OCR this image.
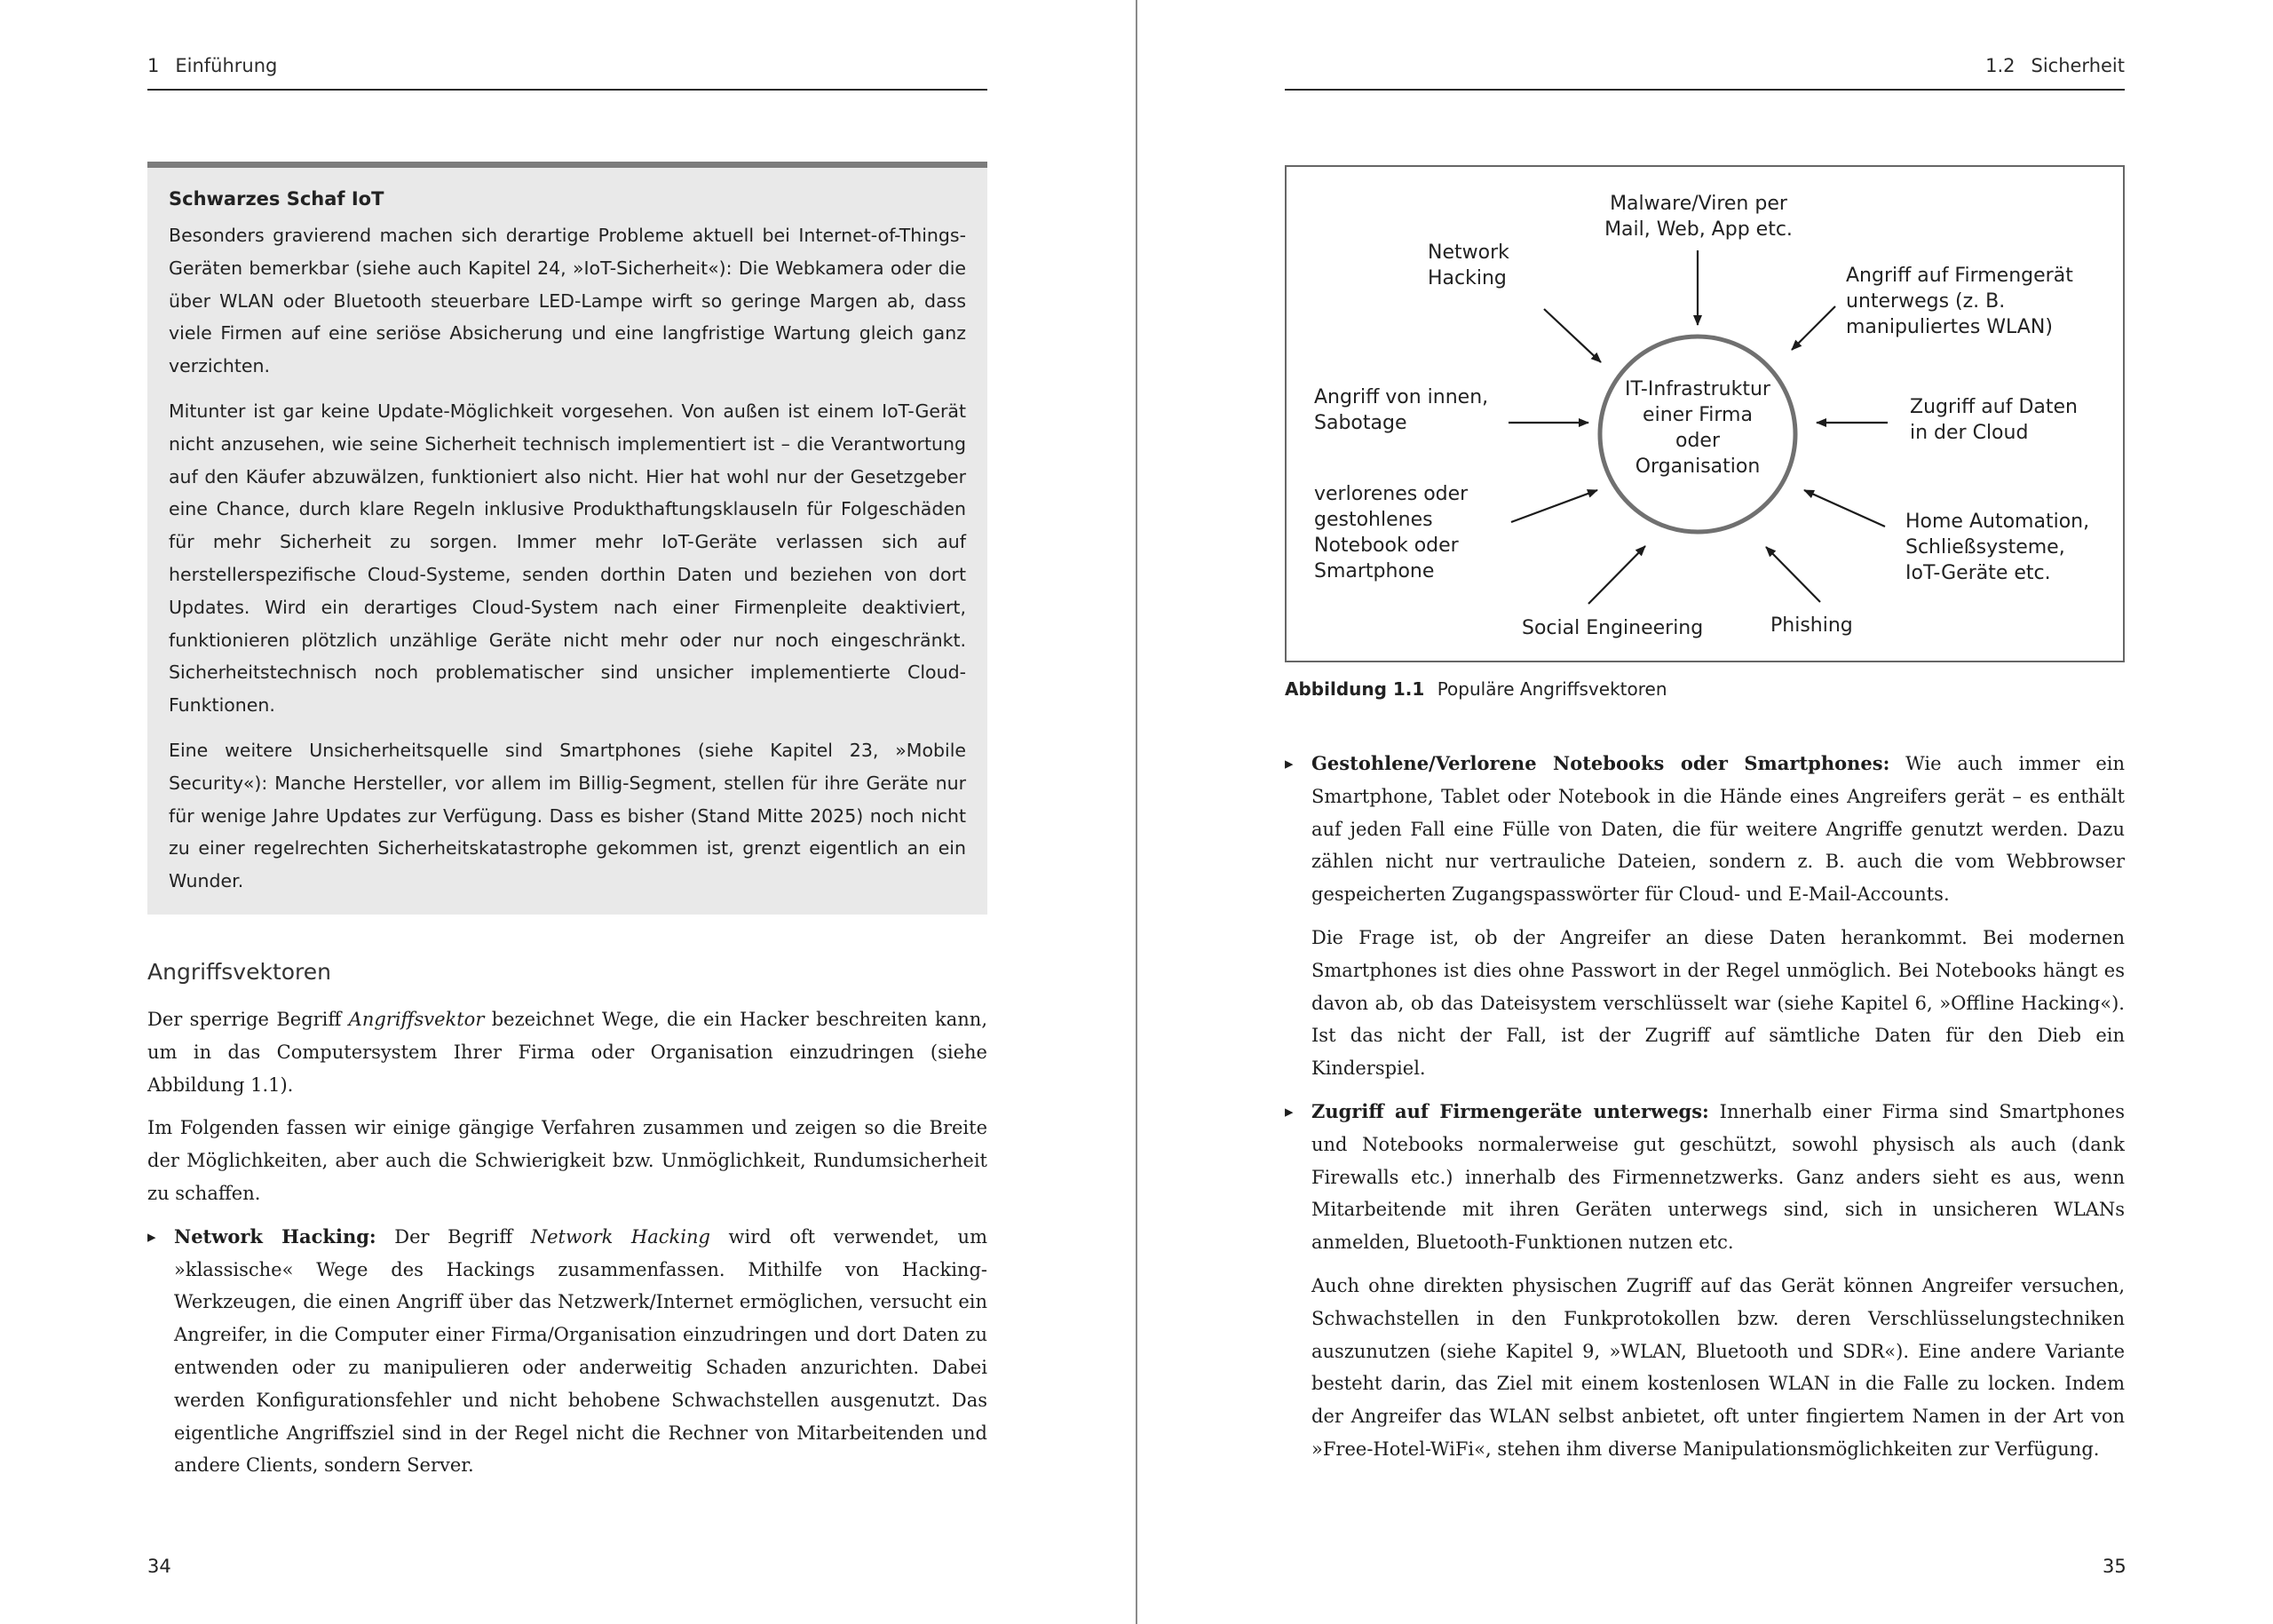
1 Einführung
Schwarzes Schaf IoT

Besonders gravierend machen sich derartige Probleme aktuell bei Internet-of-Things-Geräten bemerkbar (siehe auch Kapitel 24, »IoT-Sicherheit«): Die Webkamera oder die über WLAN oder Bluetooth steuerbare LED-Lampe wirft so geringe Margen ab, dass viele Firmen auf eine seriöse Absicherung und eine langfristige Wartung gleich ganz verzichten.

Mitunter ist gar keine Update-Möglichkeit vorgesehen. Von außen ist einem IoT-Gerät nicht anzusehen, wie seine Sicherheit technisch implementiert ist – die Verantwortung auf den Käufer abzuwälzen, funktioniert also nicht. Hier hat wohl nur der Gesetzgeber eine Chance, durch klare Regeln inklusive Produkthaftungsklauseln für Folgeschäden für mehr Sicherheit zu sorgen. Immer mehr IoT-Geräte verlassen sich auf herstellerspezifische Cloud-Systeme, senden dorthin Daten und beziehen von dort Updates. Wird ein derartiges Cloud-System nach einer Firmenpleite deaktiviert, funktionieren plötzlich unzählige Geräte nicht mehr oder nur noch eingeschränkt. Sicherheitstechnisch noch problematischer sind unsicher implementierte Cloud-Funktionen.

Eine weitere Unsicherheitsquelle sind Smartphones (siehe Kapitel 23, »Mobile Security«): Manche Hersteller, vor allem im Billig-Segment, stellen für ihre Geräte nur für wenige Jahre Updates zur Verfügung. Dass es bisher (Stand Mitte 2025) noch nicht zu einer regelrechten Sicherheitskatastrophe gekommen ist, grenzt eigentlich an ein Wunder.

Angriffsvektoren

Der sperrige Begriff Angriffsvektor bezeichnet Wege, die ein Hacker beschreiten kann, um in das Computersystem Ihrer Firma oder Organisation einzudringen (siehe Abbildung 1.1).

Im Folgenden fassen wir einige gängige Verfahren zusammen und zeigen so die Breite der Möglichkeiten, aber auch die Schwierigkeit bzw. Unmöglichkeit, Rundumsicherheit zu schaffen.

▸ Network Hacking: Der Begriff Network Hacking wird oft verwendet, um »klassische« Wege des Hackings zusammenfassen. Mithilfe von Hacking-Werkzeugen, die einen Angriff über das Netzwerk/Internet ermöglichen, versucht ein Angreifer, in die Computer einer Firma/Organisation einzudringen und dort Daten zu entwenden oder zu manipulieren oder anderweitig Schaden anzurichten. Dabei werden Konfigurationsfehler und nicht behobene Schwachstellen ausgenutzt. Das eigentliche Angriffsziel sind in der Regel nicht die Rechner von Mitarbeitenden und andere Clients, sondern Server.
34
1.2 Sicherheit
IT-Infrastruktur
einer Firma
oder
Organisation
Malware/Viren per
Mail, Web, App etc.
Network
Hacking	Angriff auf Firmengerät
unterwegs (z. B.
manipuliertes WLAN)
Angriff von innen,
Sabotage
Zugriff auf Daten
in der Cloud
verlorenes oder
gestohlenes
Notebook oder
Smartphone
Home Automation,
Schließsysteme,
IoT-Geräte etc.
Social Engineering	Phishing
Abbildung 1.1 Populäre Angriffsvektoren
▸ Gestohlene/Verlorene Notebooks oder Smartphones: Wie auch immer ein Smartphone, Tablet oder Notebook in die Hände eines Angreifers gerät – es enthält auf jeden Fall eine Fülle von Daten, die für weitere Angriffe genutzt werden. Dazu zählen nicht nur vertrauliche Dateien, sondern z. B. auch die vom Webbrowser gespeicherten Zugangspasswörter für Cloud- und E-Mail-Accounts.
Die Frage ist, ob der Angreifer an diese Daten herankommt. Bei modernen Smartphones ist dies ohne Passwort in der Regel unmöglich. Bei Notebooks hängt es davon ab, ob das Dateisystem verschlüsselt war (siehe Kapitel 6, »Offline Hacking«). Ist das nicht der Fall, ist der Zugriff auf sämtliche Daten für den Dieb ein Kinderspiel.
▸ Zugriff auf Firmengeräte unterwegs: Innerhalb einer Firma sind Smartphones und Notebooks normalerweise gut geschützt, sowohl physisch als auch (dank Firewalls etc.) innerhalb des Firmennetzwerks. Ganz anders sieht es aus, wenn Mitarbeitende mit ihren Geräten unterwegs sind, sich in unsicheren WLANs anmelden, Bluetooth-Funktionen nutzen etc.
Auch ohne direkten physischen Zugriff auf das Gerät können Angreifer versuchen, Schwachstellen in den Funkprotokollen bzw. deren Verschlüsselungstechniken auszunutzen (siehe Kapitel 9, »WLAN, Bluetooth und SDR«). Eine andere Variante besteht darin, das Ziel mit einem kostenlosen WLAN in die Falle zu locken. Indem der Angreifer das WLAN selbst anbietet, oft unter fingiertem Namen in der Art von »Free-Hotel-WiFi«, stehen ihm diverse Manipulationsmöglichkeiten zur Verfügung.
35
